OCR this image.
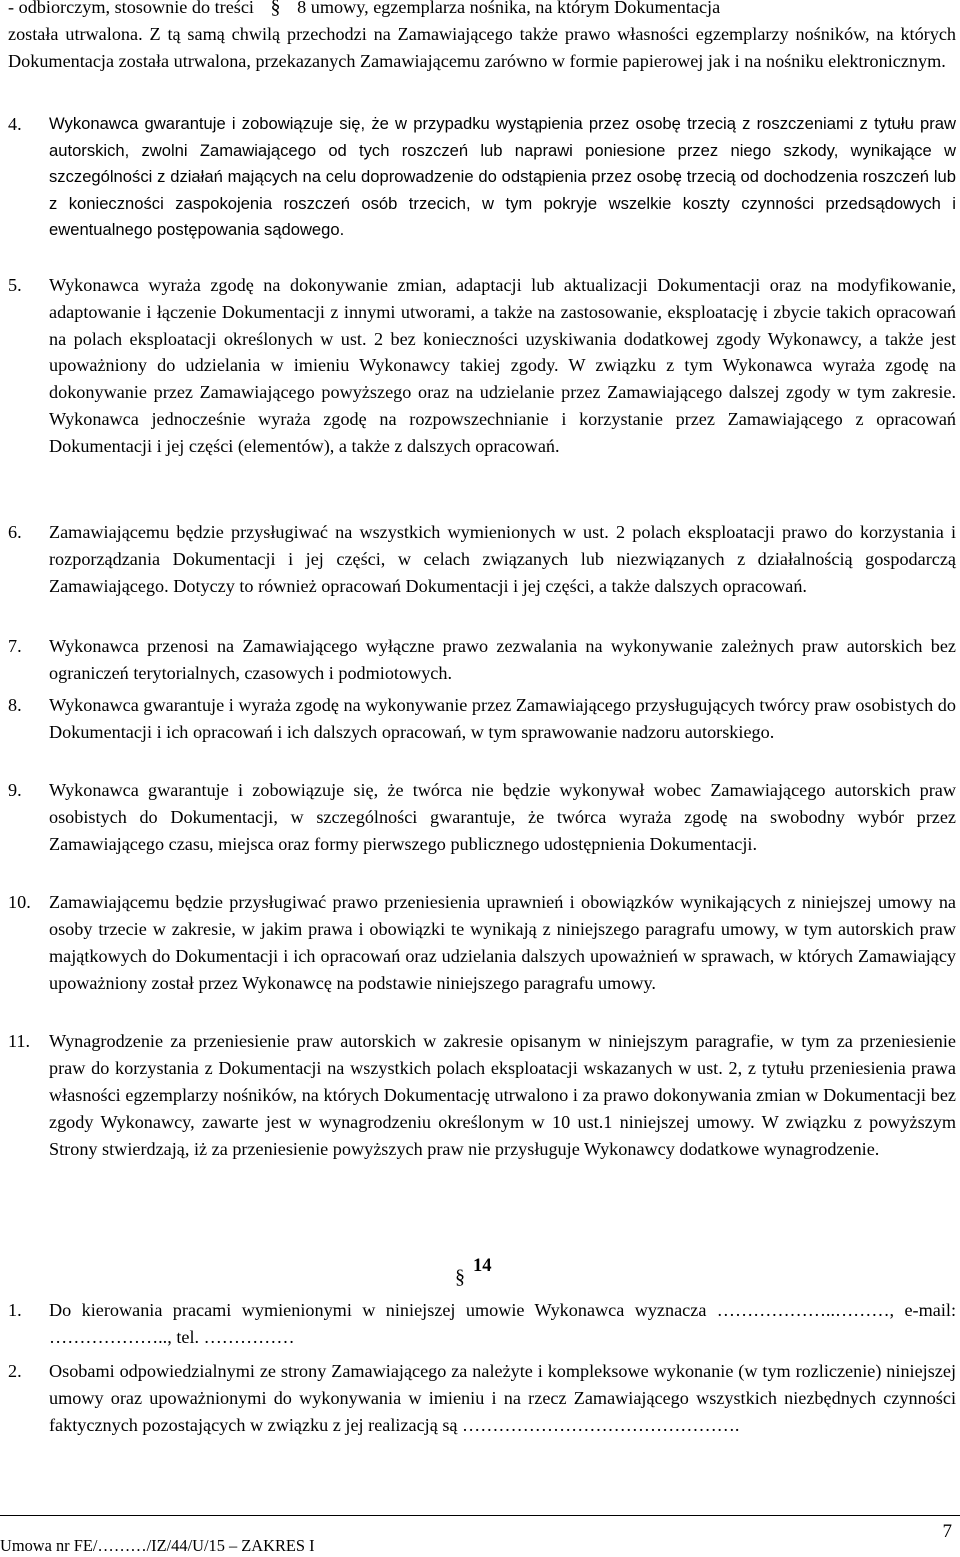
- odbiorczym, stosownie do treści § 8 umowy, egzemplarza nośnika, na którym Dokumentacja
została utrwalona. Z tą samą chwilą przechodzi na Zamawiającego także prawo własności egzemplarzy nośników, na których Dokumentacja została utrwalona, przekazanych Zamawiającemu zarówno w formie papierowej jak i na nośniku elektronicznym.
4.	Wykonawca gwarantuje i zobowiązuje się, że w przypadku wystąpienia przez osobę trzecią z roszczeniami z tytułu praw autorskich, zwolni Zamawiającego od tych roszczeń lub naprawi poniesione przez niego szkody, wynikające w szczególności z działań mających na celu doprowadzenie do odstąpienia przez osobę trzecią od dochodzenia roszczeń lub z konieczności zaspokojenia roszczeń osób trzecich, w tym pokryje wszelkie koszty czynności przedsądowych i ewentualnego postępowania sądowego.
5.	Wykonawca wyraża zgodę na dokonywanie zmian, adaptacji lub aktualizacji Dokumentacji oraz na modyfikowanie, adaptowanie i łączenie Dokumentacji z innymi utworami, a także na zastosowanie, eksploatację i zbycie takich opracowań na polach eksploatacji określonych w ust. 2 bez konieczności uzyskiwania dodatkowej zgody Wykonawcy, a także jest upoważniony do udzielania w imieniu Wykonawcy takiej zgody. W związku z tym Wykonawca wyraża zgodę na dokonywanie przez Zamawiającego powyższego oraz na udzielanie przez Zamawiającego dalszej zgody w tym zakresie. Wykonawca jednocześnie wyraża zgodę na rozpowszechnianie i korzystanie przez Zamawiającego z opracowań Dokumentacji i jej części (elementów), a także z dalszych opracowań.
6.	Zamawiającemu będzie przysługiwać na wszystkich wymienionych w ust. 2 polach eksploatacji prawo do korzystania i rozporządzania Dokumentacji i jej części, w celach związanych lub niezwiązanych z działalnością gospodarczą Zamawiającego. Dotyczy to również opracowań Dokumentacji i jej części, a także dalszych opracowań.
7.	Wykonawca przenosi na Zamawiającego wyłączne prawo zezwalania na wykonywanie zależnych praw autorskich bez ograniczeń terytorialnych, czasowych i podmiotowych.
8.	Wykonawca gwarantuje i wyraża zgodę na wykonywanie przez Zamawiającego przysługujących twórcy praw osobistych do Dokumentacji i ich opracowań i ich dalszych opracowań, w tym sprawowanie nadzoru autorskiego.
9.	Wykonawca gwarantuje i zobowiązuje się, że twórca nie będzie wykonywał wobec Zamawiającego autorskich praw osobistych do Dokumentacji, w szczególności gwarantuje, że twórca wyraża zgodę na swobodny wybór przez Zamawiającego czasu, miejsca oraz formy pierwszego publicznego udostępnienia Dokumentacji.
10.	Zamawiającemu będzie przysługiwać prawo przeniesienia uprawnień i obowiązków wynikających z niniejszej umowy na osoby trzecie w zakresie, w jakim prawa i obowiązki te wynikają z niniejszego paragrafu umowy, w tym autorskich praw majątkowych do Dokumentacji i ich opracowań oraz udzielania dalszych upoważnień w sprawach, w których Zamawiający upoważniony został przez Wykonawcę na podstawie niniejszego paragrafu umowy.
11.	Wynagrodzenie za przeniesienie praw autorskich w zakresie opisanym w niniejszym paragrafie, w tym za przeniesienie praw do korzystania z Dokumentacji na wszystkich polach eksploatacji wskazanych w ust. 2, z tytułu przeniesienia prawa własności egzemplarzy nośników, na których Dokumentację utrwalono i za prawo dokonywania zmian w Dokumentacji bez zgody Wykonawcy, zawarte jest w wynagrodzeniu określonym w 10 ust.1 niniejszej umowy. W związku z powyższym Strony stwierdzają, iż za przeniesienie powyższych praw nie przysługuje Wykonawcy dodatkowe wynagrodzenie.
§14
1.	Do kierowania pracami wymienionymi w niniejszej umowie Wykonawca wyznacza ………………..………, e-mail: ……………….., tel. ……………
2.	Osobami odpowiedzialnymi ze strony Zamawiającego za należyte i kompleksowe wykonanie (w tym rozliczenie) niniejszej umowy oraz upoważnionymi do wykonywania w imieniu i na rzecz Zamawiającego wszystkich niezbędnych czynności faktycznych pozostających w związku z jej realizacją są ……………………………………….
Umowa nr FE/………/IZ/44/U/15 – ZAKRES I
7
